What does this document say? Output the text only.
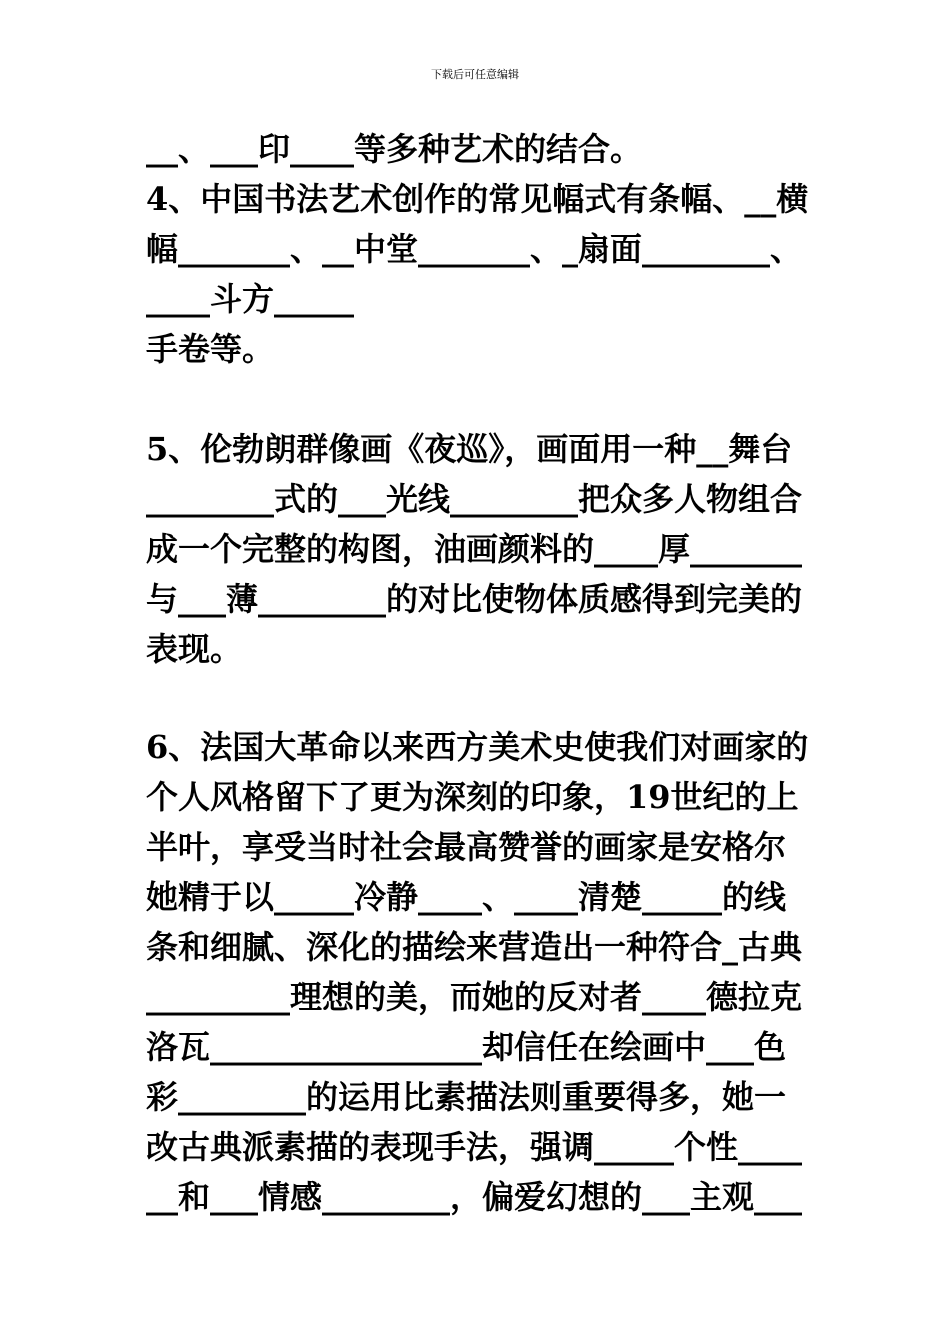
下载后可任意编辑
__、___印____等多种艺术的结合。
4、中国书法艺术创作的常见幅式有条幅、__横
幅_______、__中堂_______、_扇面________、
____斗方_____
手卷等。
5、伦勃朗群像画《夜巡》，画面用一种__舞台
________式的___光线________把众多人物组合
成一个完整的构图，油画颜料的____厚_______
与___薄________的对比使物体质感得到完美的
表现。
6、法国大革命以来西方美术史使我们对画家的
个人风格留下了更为深刻的印象，19世纪的上
半叶，享受当时社会最高赞誉的画家是安格尔
她精于以_____冷静____、____清楚_____的线
条和细腻、深化的描绘来营造出一种符合_古典
_________理想的美，而她的反对者____德拉克
洛瓦_________________却信任在绘画中___色
彩________的运用比素描法则重要得多，她一
改古典派素描的表现手法，强调_____个性____
__和___情感________，偏爱幻想的___主观___
